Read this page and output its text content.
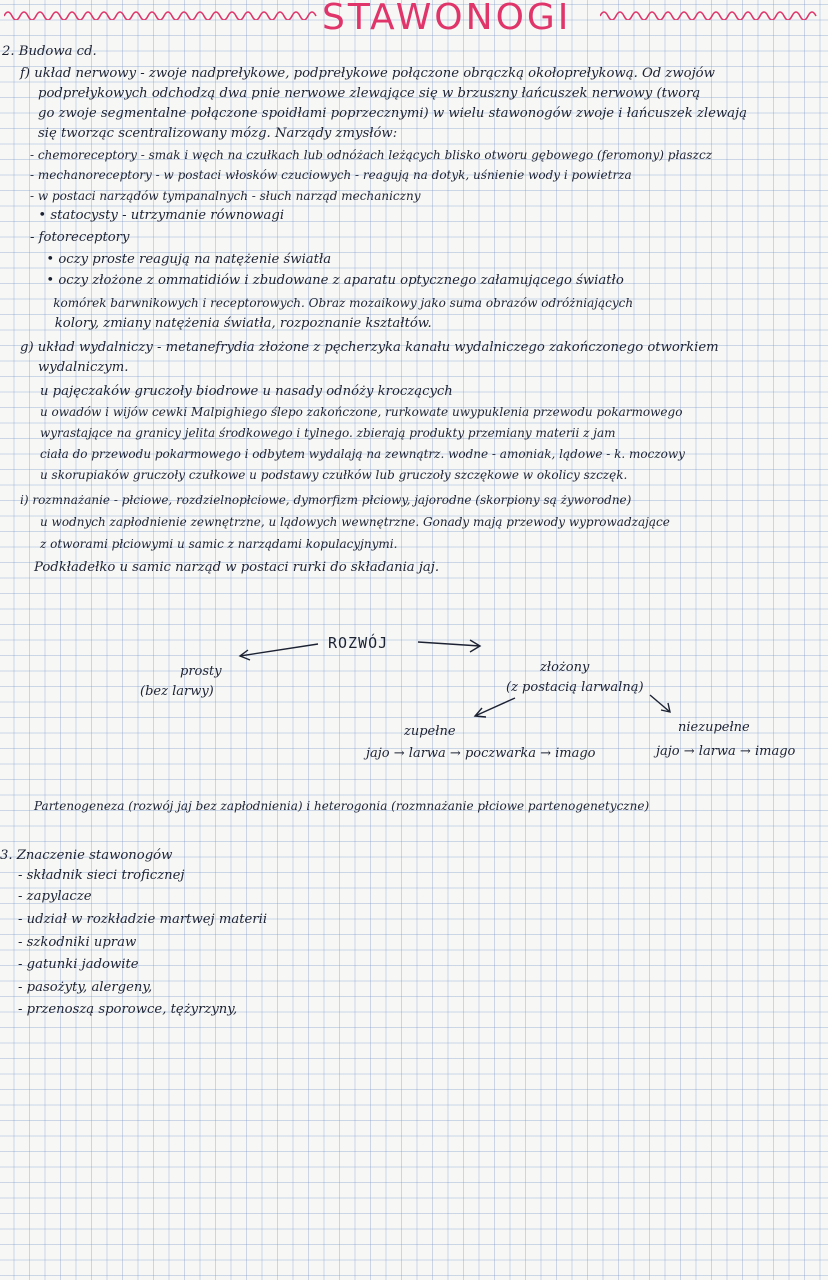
STAWONOGI
2. Budowa cd.
f) układ nerwowy - zwoje nadprełykowe, podprełykowe połączone obrączką okołoprełykową. Od zwojów
podprełykowych odchodzą dwa pnie nerwowe zlewające się w brzuszny łańcuszek nerwowy (tworą
go zwoje segmentalne połączone spoidłami poprzecznymi) w wielu stawonogów zwoje i łańcuszek zlewają
się tworząc scentralizowany mózg. Narządy zmysłów:
- chemoreceptory - smak i węch na czułkach lub odnóżach leżących blisko otworu gębowego (feromony) płaszcz
- mechanoreceptory - w postaci włosków czuciowych - reagują na dotyk, uśnienie wody i powietrza
- w postaci narządów tympanalnych - słuch narząd mechaniczny
• statocysty - utrzymanie równowagi
- fotoreceptory
• oczy proste reagują na natężenie światła
• oczy złożone z ommatidiów i zbudowane z aparatu optycznego załamującego światło
komórek barwnikowych i receptorowych. Obraz mozaikowy jako suma obrazów odróżniających
kolory, zmiany natężenia światła, rozpoznanie kształtów.
g) układ wydalniczy - metanefrydia złożone z pęcherzyka kanału wydalniczego zakończonego otworkiem
wydalniczym.
u pajęczaków gruczoły biodrowe u nasady odnóży kroczących
u owadów i wijów cewki Malpighiego ślepo zakończone, rurkowate uwypuklenia przewodu pokarmowego
wyrastające na granicy jelita środkowego i tylnego. zbierają produkty przemiany materii z jam
ciała do przewodu pokarmowego i odbytem wydalają na zewnątrz. wodne - amoniak, lądowe - k. moczowy
u skorupiaków gruczoły czułkowe u podstawy czułków lub gruczoły szczękowe w okolicy szczęk.
i) rozmnażanie - płciowe, rozdzielnopłciowe, dymorfizm płciowy, jajorodne (skorpiony są żyworodne)
u wodnych zapłodnienie zewnętrzne, u lądowych wewnętrzne. Gonady mają przewody wyprowadzające
z otworami płciowymi u samic z narządami kopulacyjnymi.
Podkładełko u samic narząd w postaci rurki do składania jaj.
ROZWÓJ
prosty
(bez larwy)
złożony
(z postacią larwalną)
zupełne
jajo → larwa → poczwarka → imago
niezupełne
jajo → larwa → imago
Partenogeneza (rozwój jaj bez zapłodnienia) i heterogonia (rozmnażanie płciowe partenogenetyczne)
3. Znaczenie stawonogów
- składnik sieci troficznej
- zapylacze
- udział w rozkładzie martwej materii
- szkodniki upraw
- gatunki jadowite
- pasożyty, alergeny,
- przenoszą sporowce, tężyrzyny,
